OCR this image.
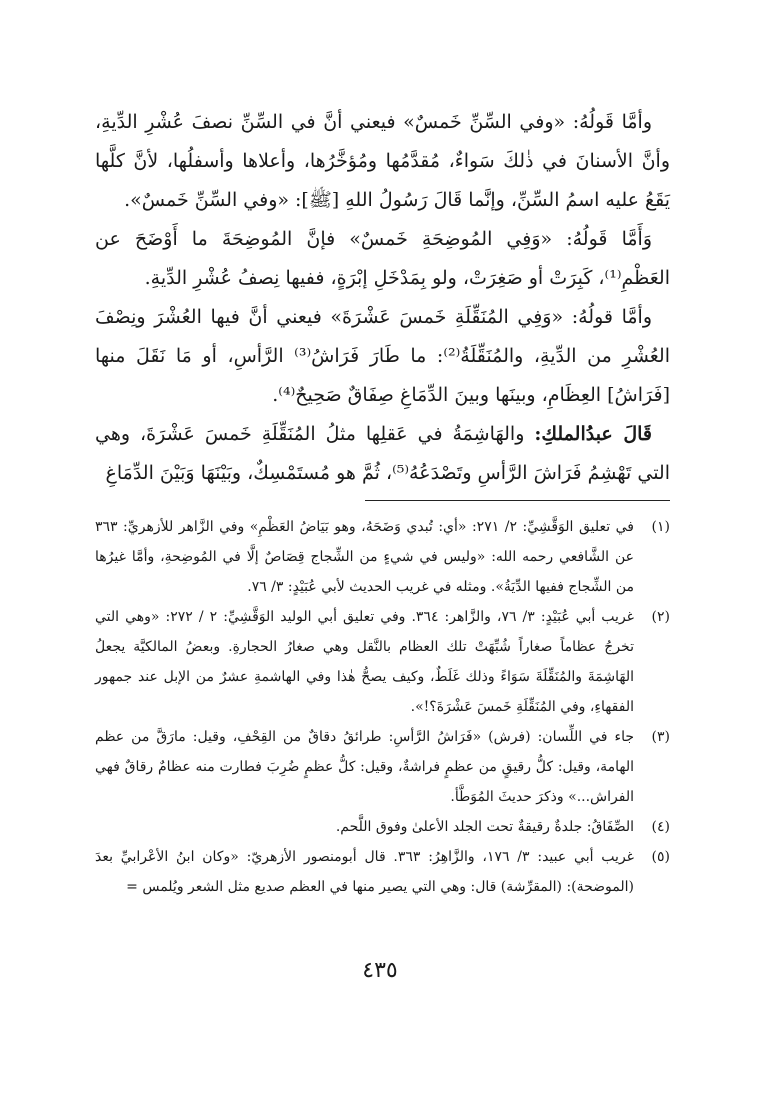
وأمَّا قَولُهُ: «وفي السِّنِّ خَمسٌ» فيعني أنَّ في السِّنِّ نصفَ عُشْرِ الدِّيةِ، وأنَّ الأسنانَ في ذٰلكَ سَواءٌ، مُقدَّمُها ومُؤخَّرُها، وأعلاها وأسفلُها، لأنَّ كلَّها يَقَعُ عليه اسمُ السِّنِّ، وإنَّما قَالَ رَسُولُ اللهِ [ﷺ]: «وفي السِّنِّ خَمسٌ».

وَأَمَّا قَولُهُ: «وَفِي المُوضِحَةِ خَمسٌ» فإنَّ المُوضِحَةَ ما أَوْضَحَ عن العَظْمِ⁽¹⁾، كَبِرَتْ أو صَغِرَتْ، ولو بِمَدْخَلِ إبْرَةٍ، ففيها نِصفُ عُشْرِ الدِّيةِ.

وأمَّا قولُهُ: «وَفِي المُنَقِّلَةِ خَمسَ عَشْرَةَ» فيعني أنَّ فيها العُشْرَ ونِصْفَ العُشْرِ من الدِّيةِ، والمُنَقِّلَةُ⁽²⁾: ما طَارَ فَرَاشُ⁽³⁾ الرَّأسِ، أو مَا نَقَلَ منها [فَرَاشُ] العِظَامِ، وبينَها وبينَ الدِّمَاغِ صِفَاقٌ صَحِيحٌ⁽⁴⁾.

قَالَ عبدُالملكِ: والهَاشِمَةُ في عَقلِها مثلُ المُنَقِّلَةِ خَمسَ عَشْرَةَ، وهي التي تَهْشِمُ فَرَاشَ الرَّأسِ وتَصْدَعُهُ⁽⁵⁾، ثُمَّ هو مُستَمْسِكٌ، وبَيْنَهَا وَبَيْنَ الدِّمَاغِ

(١)
في تعليق الوَقَّشِيِّ: ٢/ ٢٧١: «أي: تُبدي وَضَحَهُ، وهو بَيَاضُ العَظْمِ» وفي الزَّاهر للأزهريِّ: ٣٦٣ عن الشَّافعي رحمه الله: «وليس في شيءٍ من الشِّجاج قِصَاصٌ إلَّا في المُوضِحةِ، وأمَّا غيرُها من الشِّجاج ففيها الدِّيَةُ». ومثله في غريب الحديث لأبي عُبَيْدٍ: ٣/ ٧٦.
(٢)
غريب أبي عُبَيْدٍ: ٣/ ٧٦، والزَّاهر: ٣٦٤. وفي تعليق أبي الوليد الوَقَّشِيِّ: ٢ / ٢٧٢: «وهي التي تخرجُ عظاماً صغاراً شُبِّهَتْ تلك العظام بالنَّقل وهي صغارُ الحجارةِ. وبعضُ المالكيَّة يجعلُ الهَاشِمَةَ والمُنَقِّلَةَ سَوَاءً وذلك غَلَطٌ، وكيف يصحُّ هٰذا وفي الهاشمةِ عشرٌ من الإبل عند جمهور الفقهاءِ، وفي المُنَقِّلَةِ خَمسَ عَشْرَةَ؟!».
(٣)
جاء في اللِّسان: (فرش) «فَرَاشُ الرَّأسِ: طرائقُ دقاقٌ من القِحْفِ، وقيل: مارَقَّ من عظم الهامة، وقيل: كلُّ رقيقٍ من عظمٍ فراشةٌ، وقيل: كلُّ عظمٍ ضُرِبَ فطارت منه عظامٌ رقاقٌ فهي الفراش...» وذكرَ حديثَ المُوَطَّأ.
(٤)
الصِّفَاقُ: جلدةٌ رقيقةٌ تحت الجلد الأعلىٰ وفوق اللَّحم.
(٥)
غريب أبي عبيد: ٣/ ١٧٦، والزَّاهِرُ: ٣٦٣. قال أبومنصور الأزهريّ: «وكان ابنُ الأعْرابيِّ بعدَ (الموضحة): (المقرِّشة) قال: وهي التي يصير منها في العظم صديع مثل الشعر ويُلمس =
٤٣٥
